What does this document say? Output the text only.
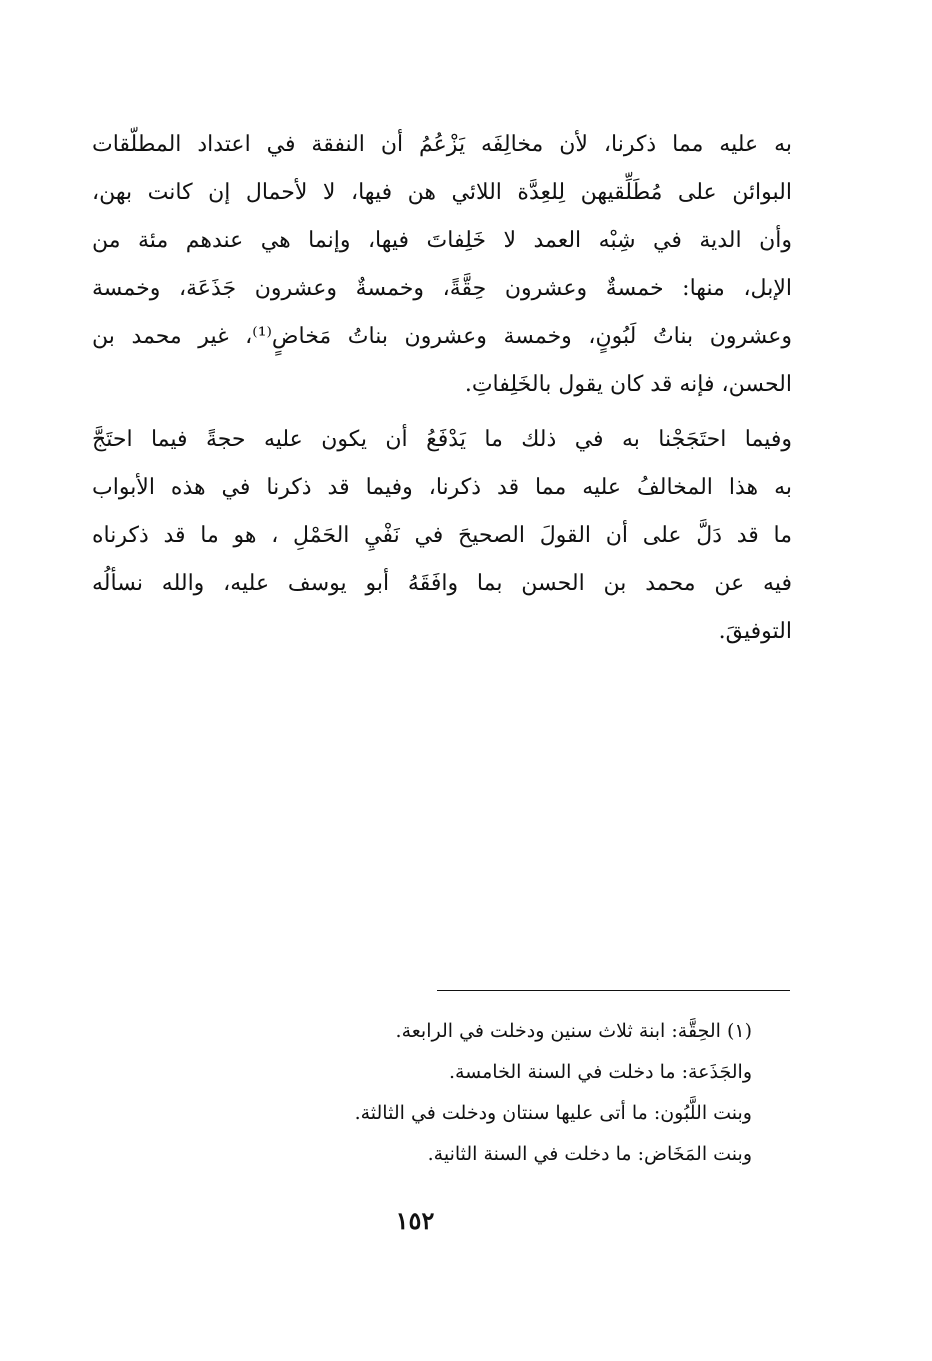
به عليه مما ذكرنا، لأن مخالِفَه يَزْعُمُ أن النفقة في اعتداد المطلّقات
البوائن على مُطَلِّقيهن لِلعِدَّة اللائي هن فيها، لا لأحمال إن كانت بهن،
وأن الدية في شِبْه العمد لا خَلِفاتَ فيها، وإنما هي عندهم مئة من
الإبل، منها: خمسةٌ وعشرون حِقَّةً، وخمسةٌ وعشرون جَذَعَة، وخمسة
وعشرون بناتُ لَبُونٍ، وخمسة وعشرون بناتُ مَخاضٍ⁽¹⁾، غير محمد بن
الحسن، فإنه قد كان يقول بالخَلِفاتِ.
وفيما احتَجَجْنا به في ذلك ما يَدْفَعُ أن يكون عليه حجةً فيما احتَجَّ
به هذا المخالفُ عليه مما قد ذكرنا، وفيما قد ذكرنا في هذه الأبواب
ما قد دَلَّ على أن القولَ الصحيحَ في نَفْيِ الحَمْلِ ، هو ما قد ذكرناه
فيه عن محمد بن الحسن بما وافَقَهُ أبو يوسف عليه، والله نسألُه
التوفيقَ.
(١) الحِقَّة: ابنة ثلاث سنين ودخلت في الرابعة.
والجَذَعة: ما دخلت في السنة الخامسة.
وبنت اللَّبُون: ما أتى عليها سنتان ودخلت في الثالثة.
وبنت المَخَاض: ما دخلت في السنة الثانية.
١٥٢
